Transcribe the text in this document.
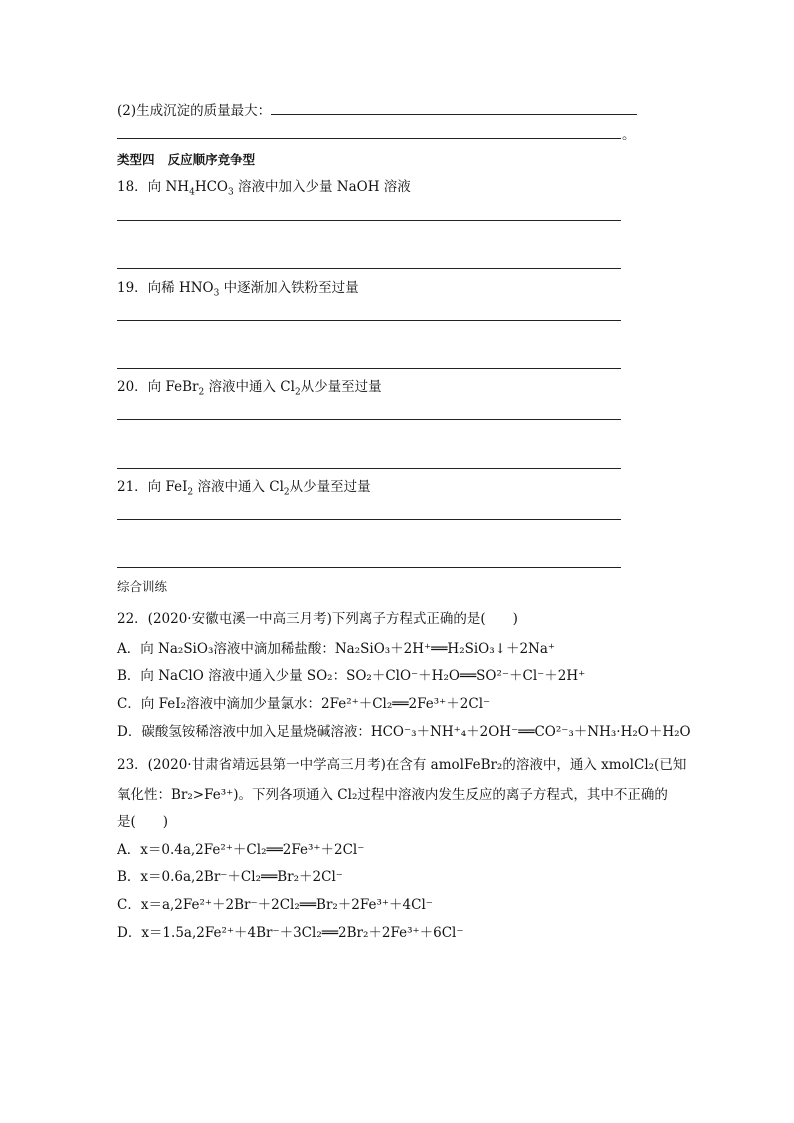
(2)生成沉淀的质量最大：
。
类型四 反应顺序竞争型
18．向 $NH_4HCO_3$ 溶液中加入少量 NaOH 溶液
19．向稀 $HNO_3$ 中逐渐加入铁粉至过量
20．向 FeBr$_2$ 溶液中通入 $Cl_2$从少量至过量
21．向 FeI$_2$ 溶液中通入 $Cl_2$从少量至过量
综合训练
22．(2020·安徽屯溪一中高三月考)下列离子方程式正确的是(　　)
A．向 Na₂SiO₃溶液中滴加稀盐酸：Na₂SiO₃＋2H⁺══H₂SiO₃↓＋2Na⁺
B．向 NaClO 溶液中通入少量 SO₂：SO₂＋ClO⁻＋H₂O══SO²⁻＋Cl⁻＋2H⁺
C．向 FeI₂溶液中滴加少量氯水：2Fe²⁺＋Cl₂══2Fe³⁺＋2Cl⁻
D．碳酸氢铵稀溶液中加入足量烧碱溶液：HCO⁻₃＋NH⁺₄＋2OH⁻══CO²⁻₃＋NH₃·H₂O＋H₂O
23．(2020·甘肃省靖远县第一中学高三月考)在含有 amolFeBr₂的溶液中，通入 xmolCl₂(已知
氧化性：Br₂>Fe³⁺)。下列各项通入 Cl₂过程中溶液内发生反应的离子方程式，其中不正确的
是(　　)
A．x＝0.4a,2Fe²⁺＋Cl₂══2Fe³⁺＋2Cl⁻
B．x＝0.6a,2Br⁻＋Cl₂══Br₂＋2Cl⁻
C．x＝a,2Fe²⁺＋2Br⁻＋2Cl₂══Br₂＋2Fe³⁺＋4Cl⁻
D．x＝1.5a,2Fe²⁺＋4Br⁻＋3Cl₂══2Br₂＋2Fe³⁺＋6Cl⁻
